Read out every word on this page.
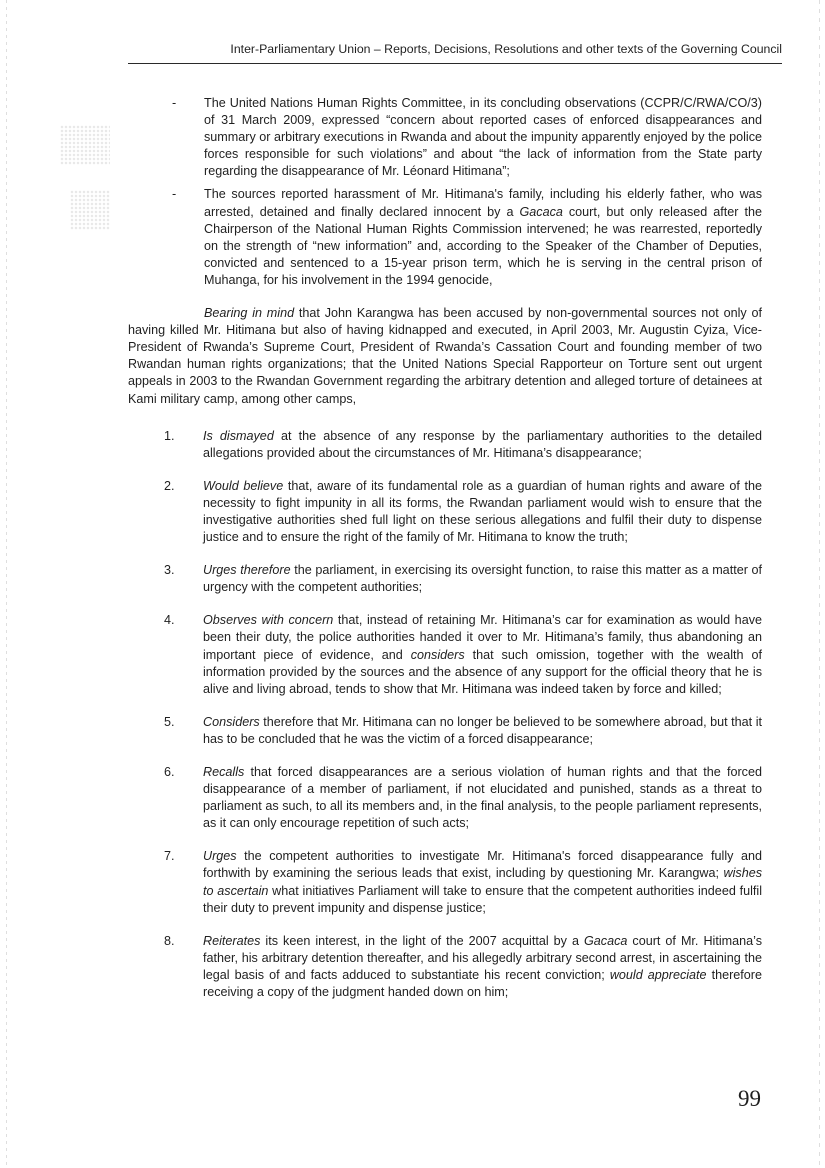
Inter-Parliamentary Union – Reports, Decisions, Resolutions and other texts of the Governing Council
- The United Nations Human Rights Committee, in its concluding observations (CCPR/C/RWA/CO/3) of 31 March 2009, expressed “concern about reported cases of enforced disappearances and summary or arbitrary executions in Rwanda and about the impunity apparently enjoyed by the police forces responsible for such violations” and about “the lack of information from the State party regarding the disappearance of Mr. Léonard Hitimana”;
- The sources reported harassment of Mr. Hitimana's family, including his elderly father, who was arrested, detained and finally declared innocent by a Gacaca court, but only released after the Chairperson of the National Human Rights Commission intervened; he was rearrested, reportedly on the strength of “new information” and, according to the Speaker of the Chamber of Deputies, convicted and sentenced to a 15-year prison term, which he is serving in the central prison of Muhanga, for his involvement in the 1994 genocide,
Bearing in mind that John Karangwa has been accused by non-governmental sources not only of having killed Mr. Hitimana but also of having kidnapped and executed, in April 2003, Mr. Augustin Cyiza, Vice-President of Rwanda’s Supreme Court, President of Rwanda’s Cassation Court and founding member of two Rwandan human rights organizations; that the United Nations Special Rapporteur on Torture sent out urgent appeals in 2003 to the Rwandan Government regarding the arbitrary detention and alleged torture of detainees at Kami military camp, among other camps,
1. Is dismayed at the absence of any response by the parliamentary authorities to the detailed allegations provided about the circumstances of Mr. Hitimana’s disappearance;
2. Would believe that, aware of its fundamental role as a guardian of human rights and aware of the necessity to fight impunity in all its forms, the Rwandan parliament would wish to ensure that the investigative authorities shed full light on these serious allegations and fulfil their duty to dispense justice and to ensure the right of the family of Mr. Hitimana to know the truth;
3. Urges therefore the parliament, in exercising its oversight function, to raise this matter as a matter of urgency with the competent authorities;
4. Observes with concern that, instead of retaining Mr. Hitimana’s car for examination as would have been their duty, the police authorities handed it over to Mr. Hitimana’s family, thus abandoning an important piece of evidence, and considers that such omission, together with the wealth of information provided by the sources and the absence of any support for the official theory that he is alive and living abroad, tends to show that Mr. Hitimana was indeed taken by force and killed;
5. Considers therefore that Mr. Hitimana can no longer be believed to be somewhere abroad, but that it has to be concluded that he was the victim of a forced disappearance;
6. Recalls that forced disappearances are a serious violation of human rights and that the forced disappearance of a member of parliament, if not elucidated and punished, stands as a threat to parliament as such, to all its members and, in the final analysis, to the people parliament represents, as it can only encourage repetition of such acts;
7. Urges the competent authorities to investigate Mr. Hitimana's forced disappearance fully and forthwith by examining the serious leads that exist, including by questioning Mr. Karangwa; wishes to ascertain what initiatives Parliament will take to ensure that the competent authorities indeed fulfil their duty to prevent impunity and dispense justice;
8. Reiterates its keen interest, in the light of the 2007 acquittal by a Gacaca court of Mr. Hitimana’s father, his arbitrary detention thereafter, and his allegedly arbitrary second arrest, in ascertaining the legal basis of and facts adduced to substantiate his recent conviction; would appreciate therefore receiving a copy of the judgment handed down on him;
99
